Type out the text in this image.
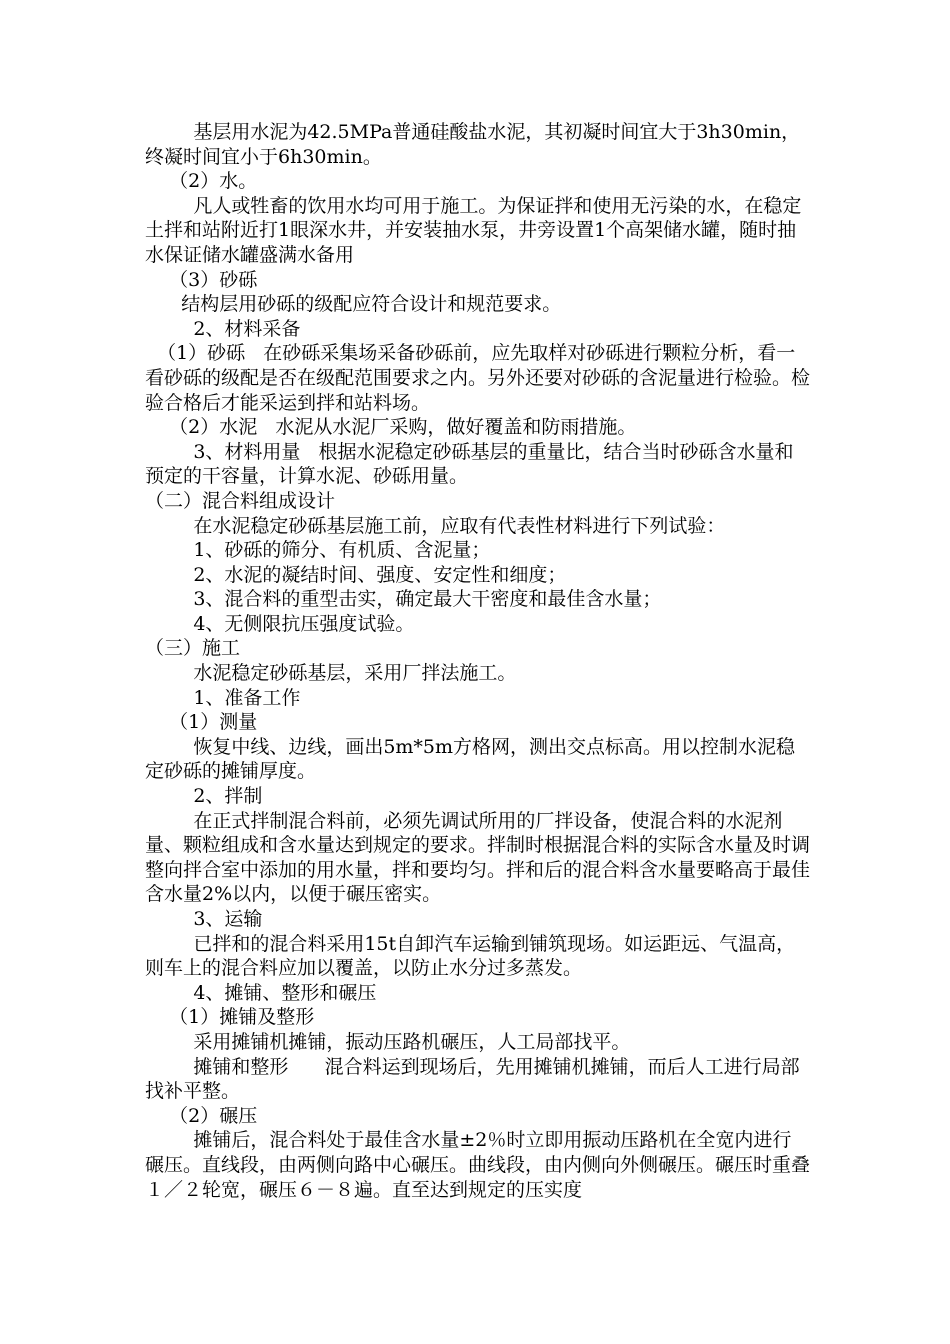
基层用水泥为42.5MPa普通硅酸盐水泥，其初凝时间宜大于3h30min，终凝时间宜小于6h30min。

（2）水。

凡人或牲畜的饮用水均可用于施工。为保证拌和使用无污染的水，在稳定土拌和站附近打1眼深水井，并安装抽水泵，井旁设置1个高架储水罐，随时抽水保证储水罐盛满水备用

（3）砂砾

结构层用砂砾的级配应符合设计和规范要求。

2、材料采备

（1）砂砾   在砂砾采集场采备砂砾前，应先取样对砂砾进行颗粒分析，看一看砂砾的级配是否在级配范围要求之内。另外还要对砂砾的含泥量进行检验。检验合格后才能采运到拌和站料场。

（2）水泥   水泥从水泥厂采购，做好覆盖和防雨措施。

3、材料用量   根据水泥稳定砂砾基层的重量比，结合当时砂砾含水量和预定的干容量，计算水泥、砂砾用量。

（二）混合料组成设计

在水泥稳定砂砾基层施工前，应取有代表性材料进行下列试验：

1、砂砾的筛分、有机质、含泥量；

2、水泥的凝结时间、强度、安定性和细度；

3、混合料的重型击实，确定最大干密度和最佳含水量；

4、无侧限抗压强度试验。

（三）施工

水泥稳定砂砾基层，采用厂拌法施工。

1、准备工作

（1）测量

恢复中线、边线，画出5m*5m方格网，测出交点标高。用以控制水泥稳定砂砾的摊铺厚度。

2、拌制

在正式拌制混合料前，必须先调试所用的厂拌设备，使混合料的水泥剂量、颗粒组成和含水量达到规定的要求。拌制时根据混合料的实际含水量及时调整向拌合室中添加的用水量，拌和要均匀。拌和后的混合料含水量要略高于最佳含水量2%以内，以便于碾压密实。

3、运输

已拌和的混合料采用15t自卸汽车运输到铺筑现场。如运距远、气温高，则车上的混合料应加以覆盖，以防止水分过多蒸发。

4、摊铺、整形和碾压

（1）摊铺及整形

采用摊铺机摊铺，振动压路机碾压，人工局部找平。

摊铺和整形      混合料运到现场后，先用摊铺机摊铺，而后人工进行局部找补平整。

（2）碾压

摊铺后，混合料处于最佳含水量±2％时立即用振动压路机在全宽内进行碾压。直线段，由两侧向路中心碾压。曲线段，由内侧向外侧碾压。碾压时重叠１／２轮宽，碾压６－８遍。直至达到规定的压实度
